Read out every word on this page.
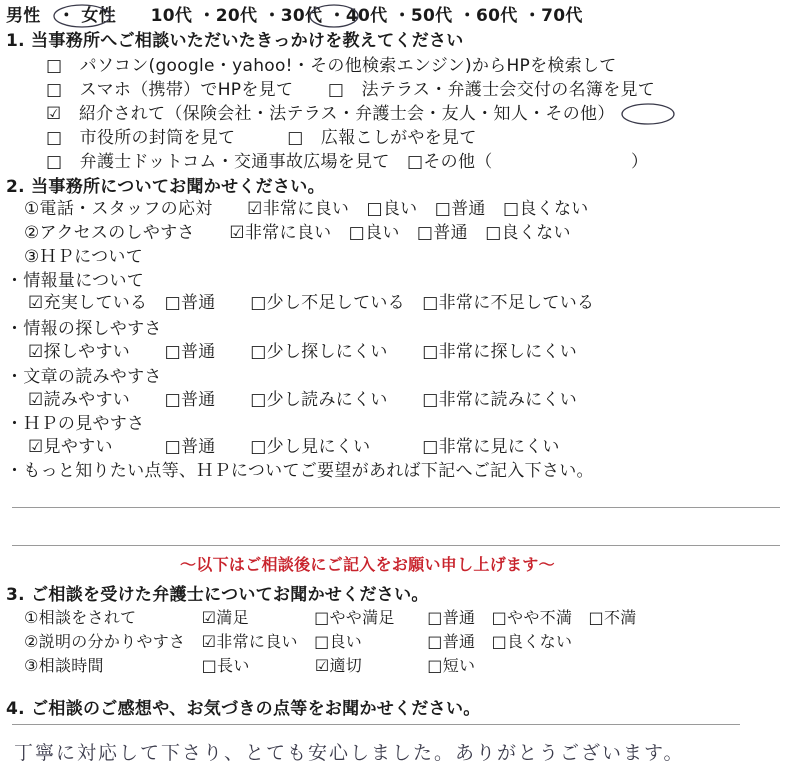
男性　・ 女性　　10代 ・20代 ・30代 ・40代 ・50代 ・60代 ・70代
1. 当事務所へご相談いただいたきっかけを教えてください
□　パソコン(google・yahoo!・その他検索エンジン)からHPを検索して
□　スマホ（携帯）でHPを見て　　□　法テラス・弁護士会交付の名簿を見て
☑　紹介されて（保険会社・法テラス・弁護士会・友人・知人・その他）
□　市役所の封筒を見て　　　□　広報こしがやを見て
□　弁護士ドットコム・交通事故広場を見て　□その他（　　　　　　　　）
2. 当事務所についてお聞かせください。
①電話・スタッフの応対　　☑非常に良い　□良い　□普通　□良くない
②アクセスのしやすさ　　☑非常に良い　□良い　□普通　□良くない
③ＨＰについて
・情報量について
☑充実している　□普通　　□少し不足している　□非常に不足している
・情報の探しやすさ
☑探しやすい　　□普通　　□少し探しにくい　　□非常に探しにくい
・文章の読みやすさ
☑読みやすい　　□普通　　□少し読みにくい　　□非常に読みにくい
・ＨＰの見やすさ
☑見やすい　　　□普通　　□少し見にくい　　　□非常に見にくい
・もっと知りたい点等、ＨＰについてご要望があれば下記へご記入下さい。
～以下はご相談後にご記入をお願い申し上げます～
3. ご相談を受けた弁護士についてお聞かせください。
①相談をされて　　　　☑満足　　　　□やや満足　　□普通　□やや不満　□不満
②説明の分かりやすさ　☑非常に良い　□良い　　　　□普通　□良くない
③相談時間　　　　　　□長い　　　　☑適切　　　　□短い
4. ご相談のご感想や、お気づきの点等をお聞かせください。
丁寧に対応して下さり、とても安心しました。ありがとうございます。
